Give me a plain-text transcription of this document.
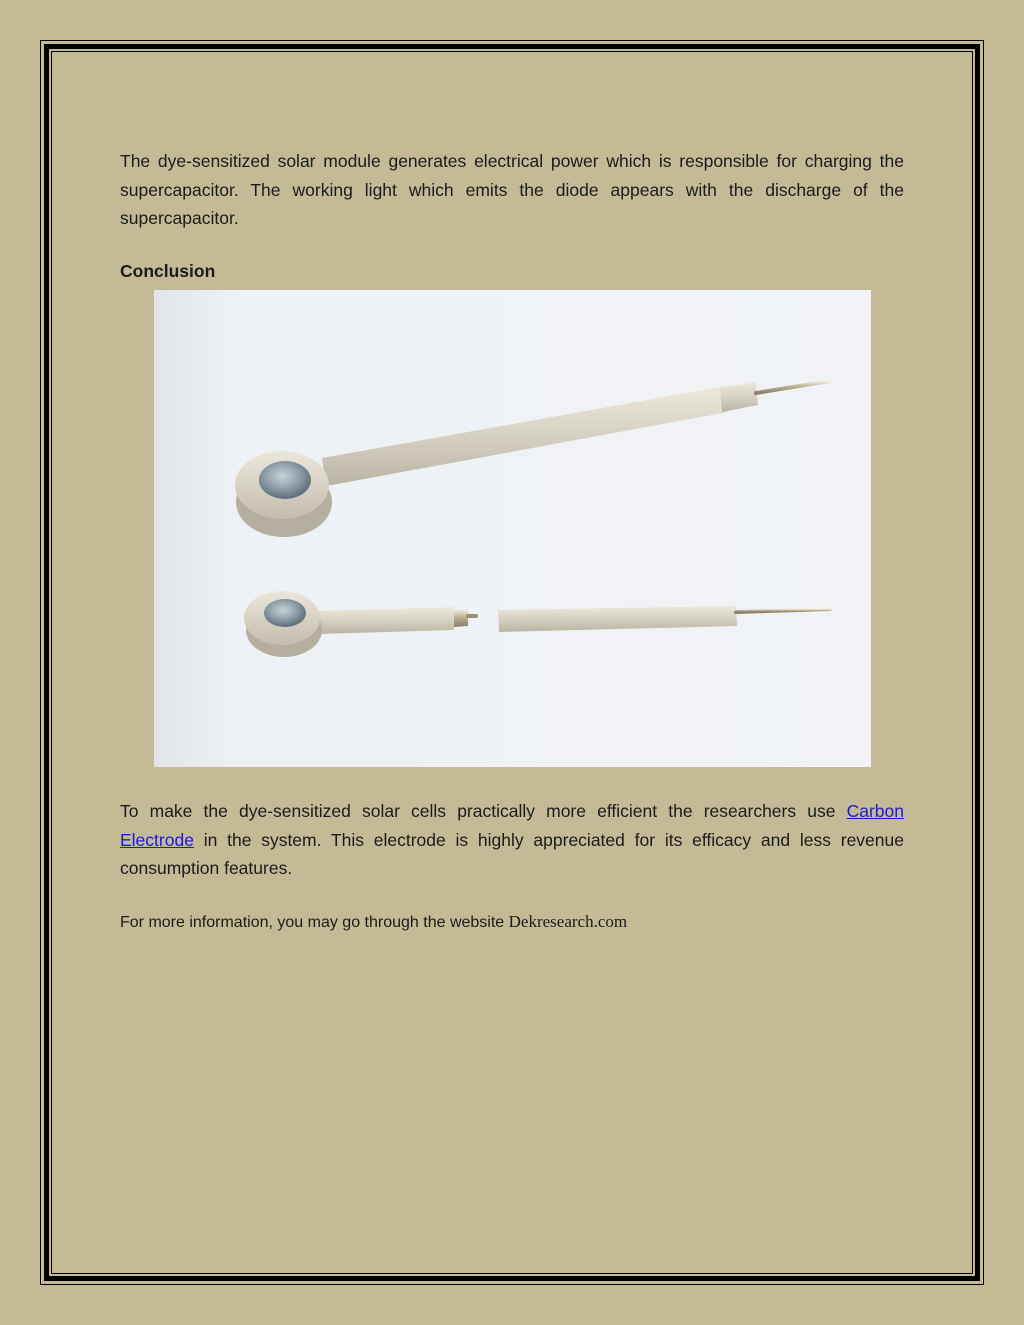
The dye-sensitized solar module generates electrical power which is responsible for charging the supercapacitor. The working light which emits the diode appears with the discharge of the supercapacitor.

Conclusion

To make the dye-sensitized solar cells practically more efficient the researchers use Carbon Electrode in the system. This electrode is highly appreciated for its efficacy and less revenue consumption features.

For more information, you may go through the website Dekresearch.com
